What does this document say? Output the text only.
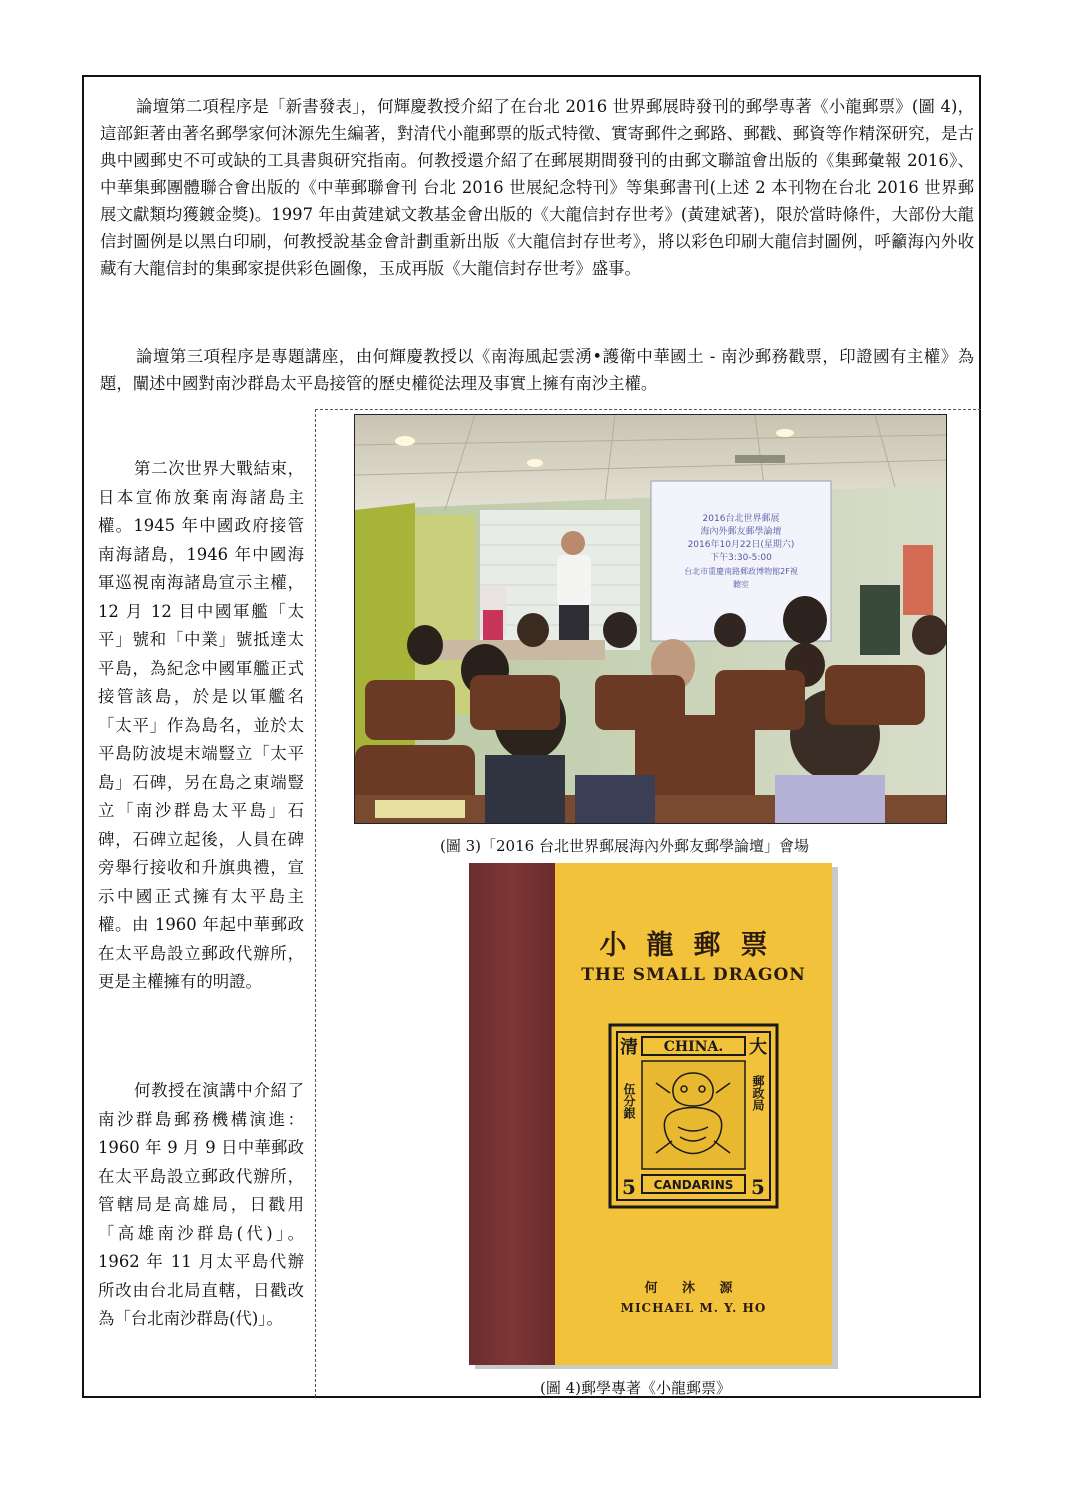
論壇第二項程序是「新書發表」，何輝慶教授介紹了在台北 2016 世界郵展時發刊的郵學專著《小龍郵票》(圖 4)，這部鉅著由著名郵學家何沐源先生編著，對清代小龍郵票的版式特徵、實寄郵件之郵路、郵戳、郵資等作精深研究，是古典中國郵史不可或缺的工具書與研究指南。何教授還介紹了在郵展期間發刊的由郵文聯誼會出版的《集郵彙報 2016》、中華集郵團體聯合會出版的《中華郵聯會刊 台北 2016 世展紀念特刊》等集郵書刊(上述 2 本刊物在台北 2016 世界郵展文獻類均獲鍍金獎)。1997 年由黃建斌文教基金會出版的《大龍信封存世考》(黃建斌著)，限於當時條件，大部份大龍信封圖例是以黑白印刷，何教授說基金會計劃重新出版《大龍信封存世考》，將以彩色印刷大龍信封圖例，呼籲海內外收藏有大龍信封的集郵家提供彩色圖像，玉成再版《大龍信封存世考》盛事。

論壇第三項程序是專題講座，由何輝慶教授以《南海風起雲湧•護衛中華國土 - 南沙郵務戳票，印證國有主權》為題，闡述中國對南沙群島太平島接管的歷史權從法理及事實上擁有南沙主權。

第二次世界大戰結束，日本宣佈放棄南海諸島主權。1945 年中國政府接管南海諸島，1946 年中國海軍巡視南海諸島宣示主權，12 月 12 目中國軍艦「太平」號和「中業」號抵達太平島，為紀念中國軍艦正式接管該島，於是以軍艦名「太平」作為島名，並於太平島防波堤末端豎立「太平島」石碑，另在島之東端豎立「南沙群島太平島」石碑，石碑立起後，人員在碑旁舉行接收和升旗典禮，宣示中國正式擁有太平島主權。由 1960 年起中華郵政在太平島設立郵政代辦所，更是主權擁有的明證。

何教授在演講中介紹了南沙群島郵務機構演進：1960 年 9 月 9 日中華郵政在太平島設立郵政代辦所，管轄局是高雄局，日戳用「高雄南沙群島(代)」。1962 年 11 月太平島代辦所改由台北局直轄，日戳改為「台北南沙群島(代)」。

2016台北世界郵展
海內外郵友郵學論壇
2016年10月22日(星期六)
下午3:30-5:00
台北市重慶南路郵政博物館2F視
聽室
(圖 3)「2016 台北世界郵展海內外郵友郵學論壇」會場
小龍郵票
THE SMALL DRAGON
CHINA.
清	大
伍分銀	郵政局
CANDARINS
5	5
何 沐 源
MICHAEL M. Y. HO
(圖 4)郵學專著《小龍郵票》
